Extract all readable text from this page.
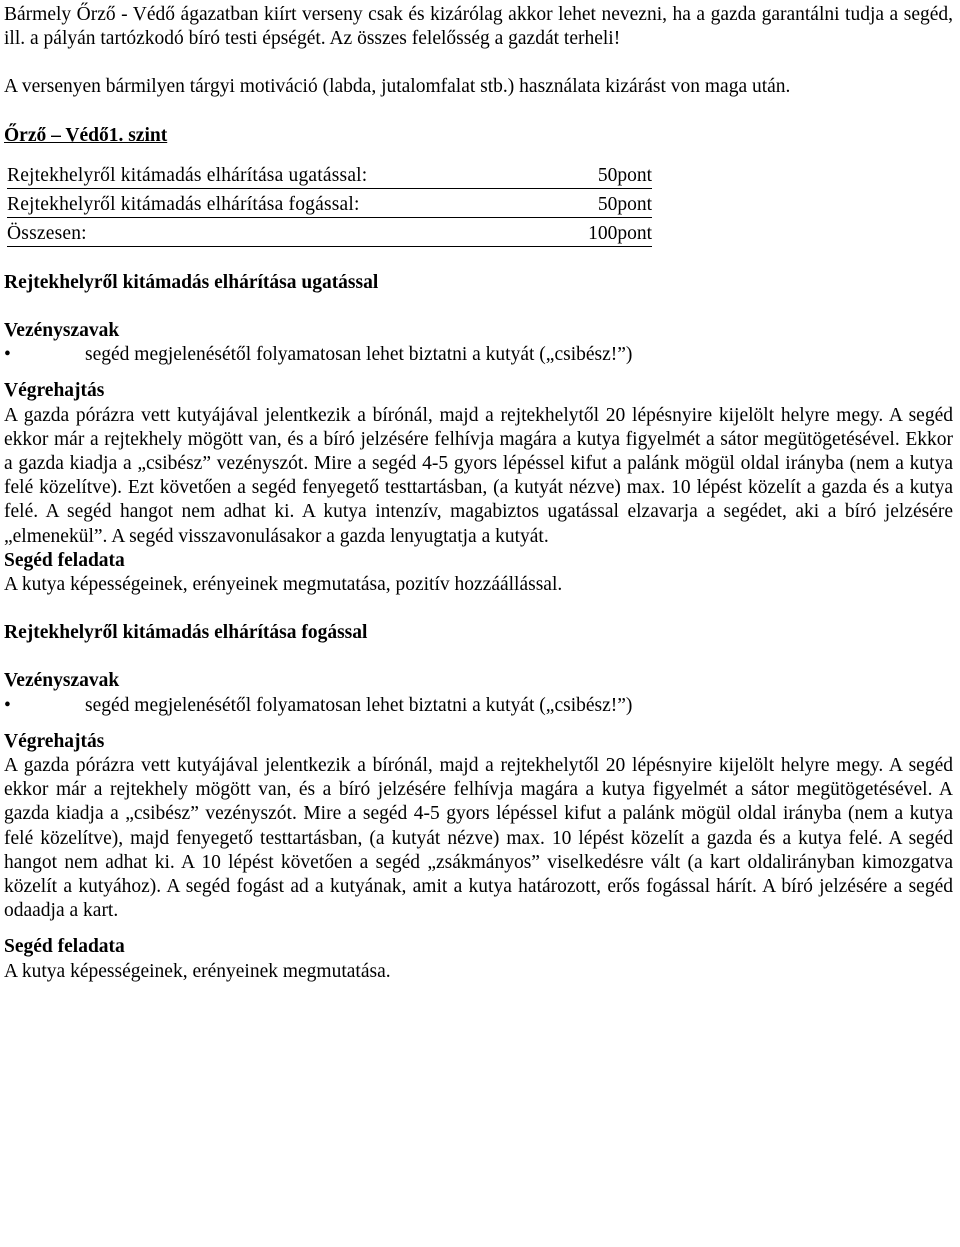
Bármely Őrző - Védő ágazatban kiírt verseny csak és kizárólag akkor lehet nevezni, ha a gazda garantálni tudja a segéd, ill. a pályán tartózkodó bíró testi épségét. Az összes felelősség a gazdát terheli!

A versenyen bármilyen tárgyi motiváció (labda, jutalomfalat stb.) használata kizárást von maga után.

Őrző – Védő1. szint

Rejtekhelyről kitámadás elhárítása ugatással:	50pont
Rejtekhelyről kitámadás elhárítása fogással:	50pont
Összesen:	100pont

Rejtekhelyről kitámadás elhárítása ugatással

Vezényszavak

•	segéd megjelenésétől folyamatosan lehet biztatni a kutyát („csibész!”)

Végrehajtás

A gazda pórázra vett kutyájával jelentkezik a bírónál, majd a rejtekhelytől 20 lépésnyire kijelölt helyre megy. A segéd ekkor már a rejtekhely mögött van, és a bíró jelzésére felhívja magára a kutya figyelmét a sátor megütögetésével. Ekkor a gazda kiadja a „csibész” vezényszót. Mire a segéd 4-5 gyors lépéssel kifut a palánk mögül oldal irányba (nem a kutya felé közelítve). Ezt követően a segéd fenyegető testtartásban, (a kutyát nézve) max. 10 lépést közelít a gazda és a kutya felé. A segéd hangot nem adhat ki. A kutya intenzív, magabiztos ugatással elzavarja a segédet, aki a bíró jelzésére „elmenekül”. A segéd visszavonulásakor a gazda lenyugtatja a kutyát.

Segéd feladata

A kutya képességeinek, erényeinek megmutatása, pozitív hozzáállással.

Rejtekhelyről kitámadás elhárítása fogással

Vezényszavak

•	segéd megjelenésétől folyamatosan lehet biztatni a kutyát („csibész!”)

Végrehajtás

A gazda pórázra vett kutyájával jelentkezik a bírónál, majd a rejtekhelytől 20 lépésnyire kijelölt helyre megy. A segéd ekkor már a rejtekhely mögött van, és a bíró jelzésére felhívja magára a kutya figyelmét a sátor megütögetésével. A gazda kiadja a „csibész” vezényszót. Mire a segéd 4-5 gyors lépéssel kifut a palánk mögül oldal irányba (nem a kutya felé közelítve), majd fenyegető testtartásban, (a kutyát nézve) max. 10 lépést közelít a gazda és a kutya felé. A segéd hangot nem adhat ki. A 10 lépést követően a segéd „zsákmányos” viselkedésre vált (a kart oldalirányban kimozgatva közelít a kutyához). A segéd fogást ad a kutyának, amit a kutya határozott, erős fogással hárít. A bíró jelzésére a segéd odaadja a kart.

Segéd feladata

A kutya képességeinek, erényeinek megmutatása.
